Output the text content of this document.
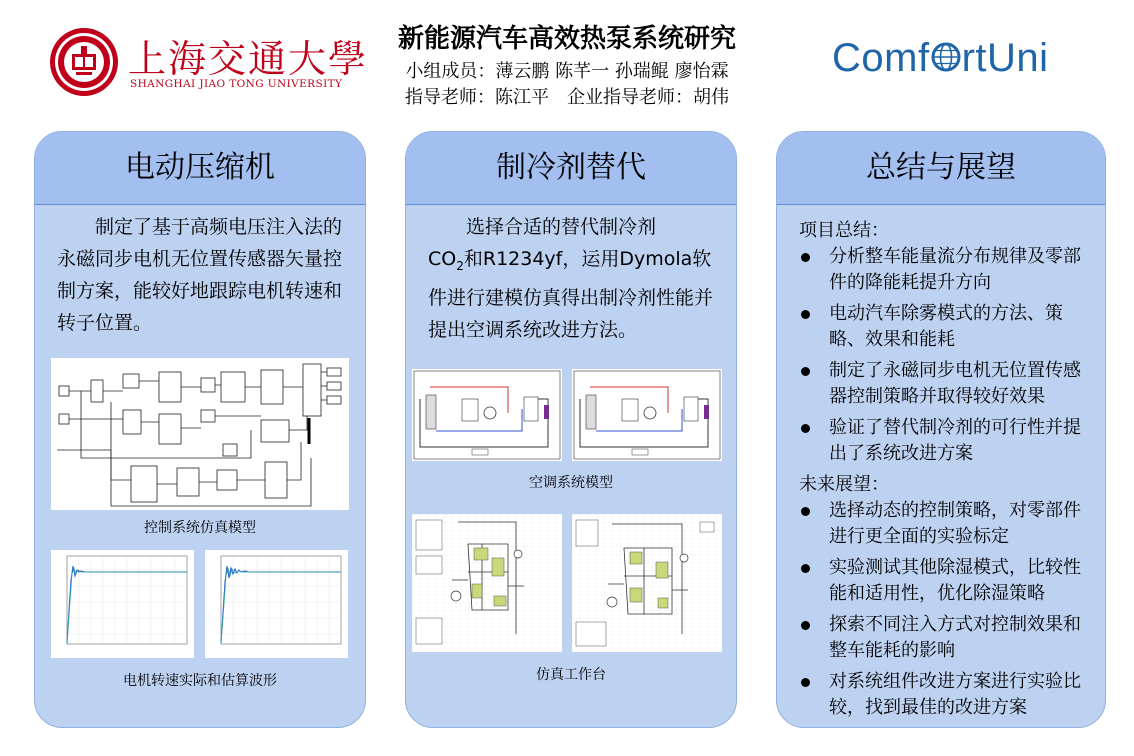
上海交通大學
SHANGHAI JIAO TONG UNIVERSITY
新能源汽车高效热泵系统研究
小组成员：薄云鹏 陈芊一 孙瑞鲲 廖怡霖
指导老师：陈江平　企业指导老师：胡伟
Comf rtUni
电动压缩机
　　制定了基于高频电压注入法的永磁同步电机无位置传感器矢量控制方案，能较好地跟踪电机转速和转子位置。
控制系统仿真模型
电机转速实际和估算波形
制冷剂替代
　　选择合适的替代制冷剂
$CO_2$和R1234yf，运用Dymola软件进行建模仿真得出制冷剂性能并提出空调系统改进方法。
空调系统模型
仿真工作台
总结与展望
项目总结：
分析整车能量流分布规律及零部件的降能耗提升方向
电动汽车除雾模式的方法、策略、效果和能耗
制定了永磁同步电机无位置传感器控制策略并取得较好效果
验证了替代制冷剂的可行性并提出了系统改进方案
未来展望：
选择动态的控制策略，对零部件进行更全面的实验标定
实验测试其他除湿模式，比较性能和适用性，优化除湿策略
探索不同注入方式对控制效果和整车能耗的影响
对系统组件改进方案进行实验比较，找到最佳的改进方案
